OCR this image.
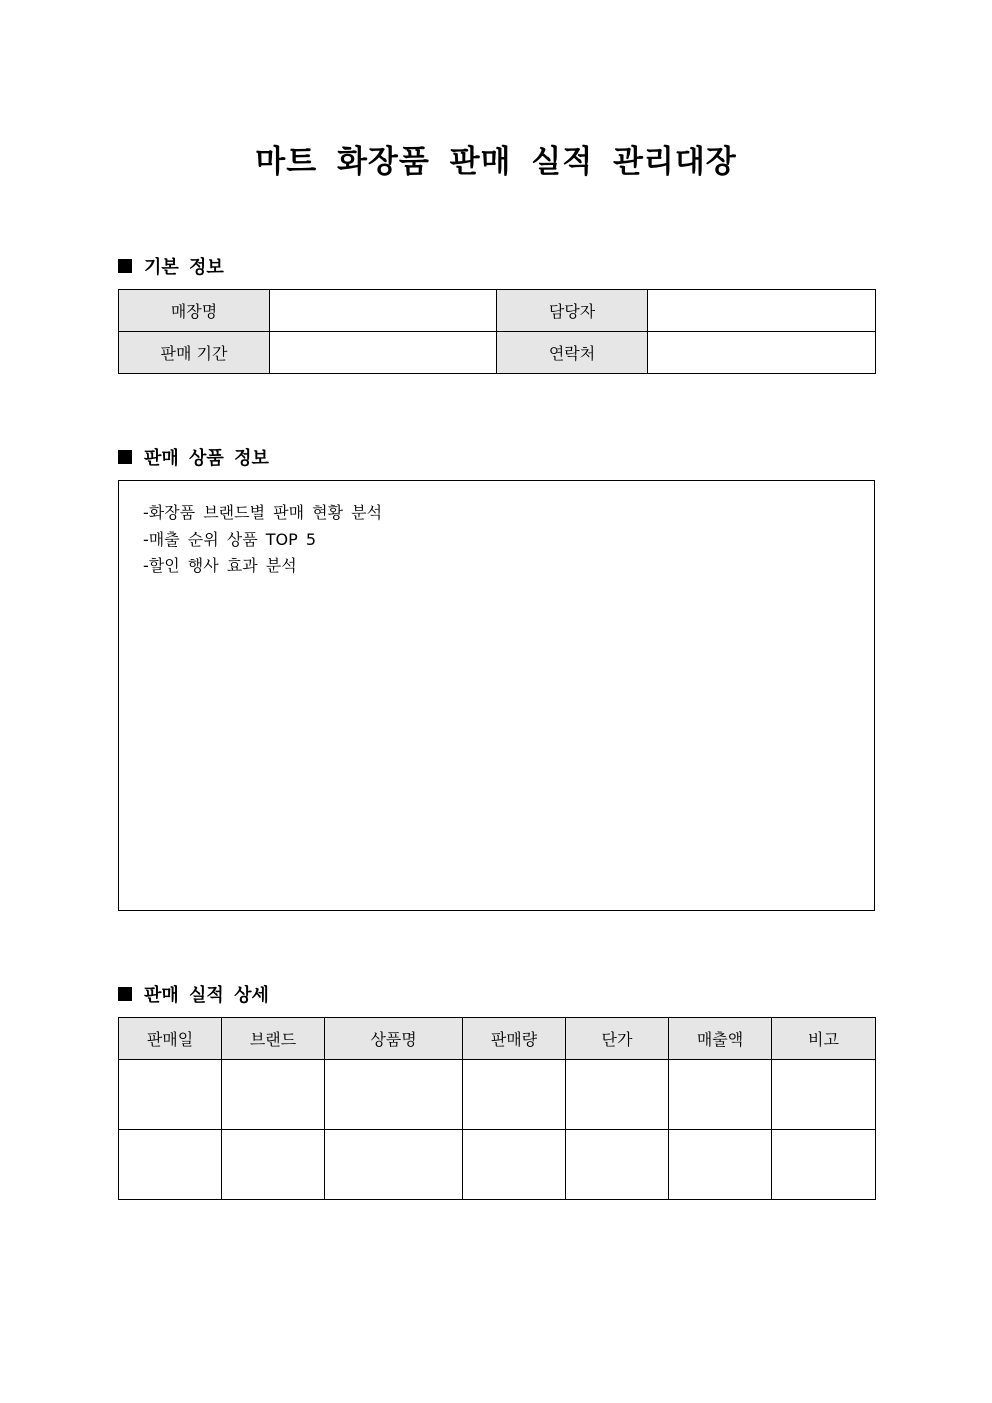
마트 화장품 판매 실적 관리대장
기본 정보
매장명		담당자	
판매 기간		연락처	
판매 상품 정보
-화장품 브랜드별 판매 현황 분석
-매출 순위 상품 TOP 5
-할인 행사 효과 분석
판매 실적 상세
판매일	브랜드	상품명	판매량	단가	매출액	비고
